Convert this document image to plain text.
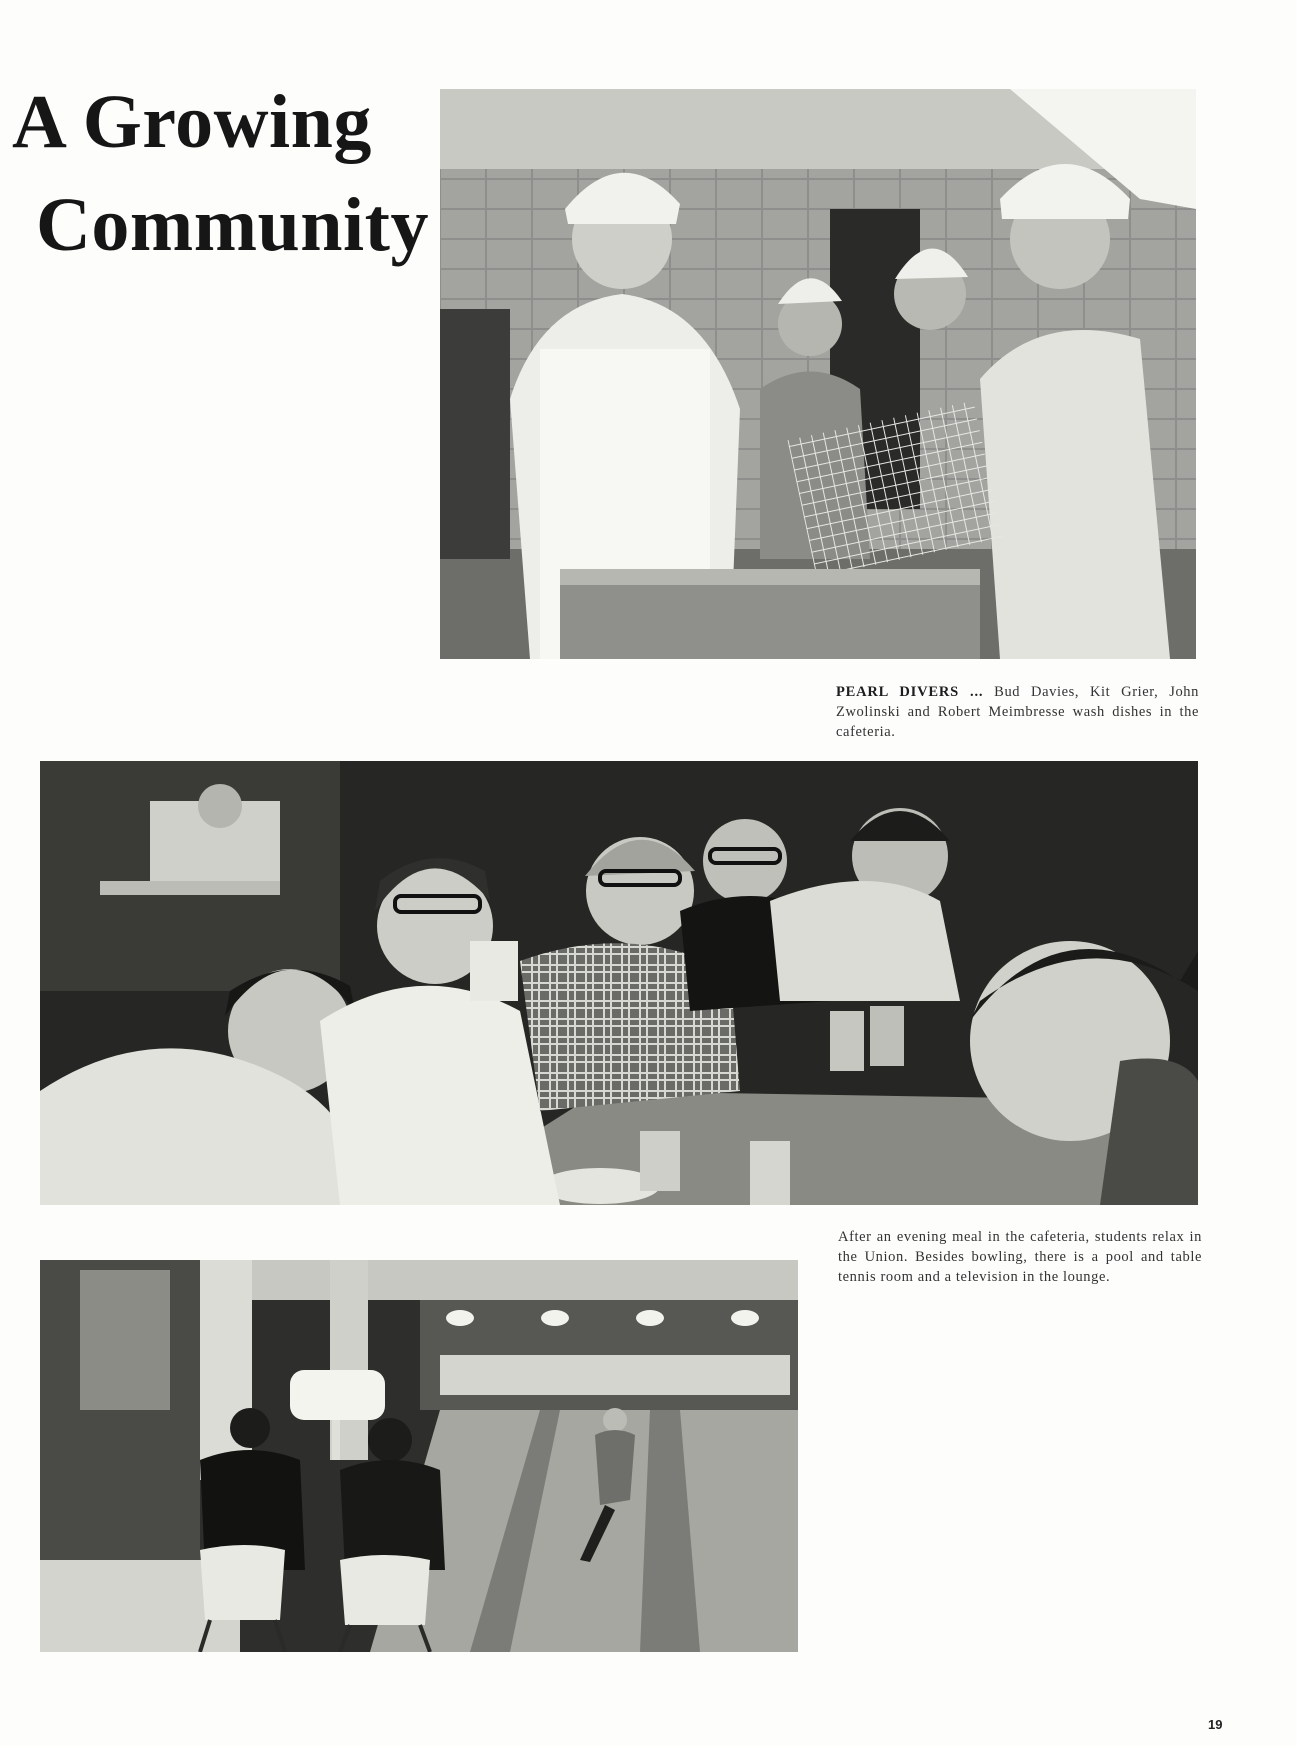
A Growing
Community

PEARL DIVERS ... Bud Davies, Kit Grier, John Zwolinski and Robert Meimbresse wash dishes in the cafeteria.

After an evening meal in the cafeteria, students relax in the Union. Besides bowling, there is a pool and table tennis room and a television in the lounge.

19
